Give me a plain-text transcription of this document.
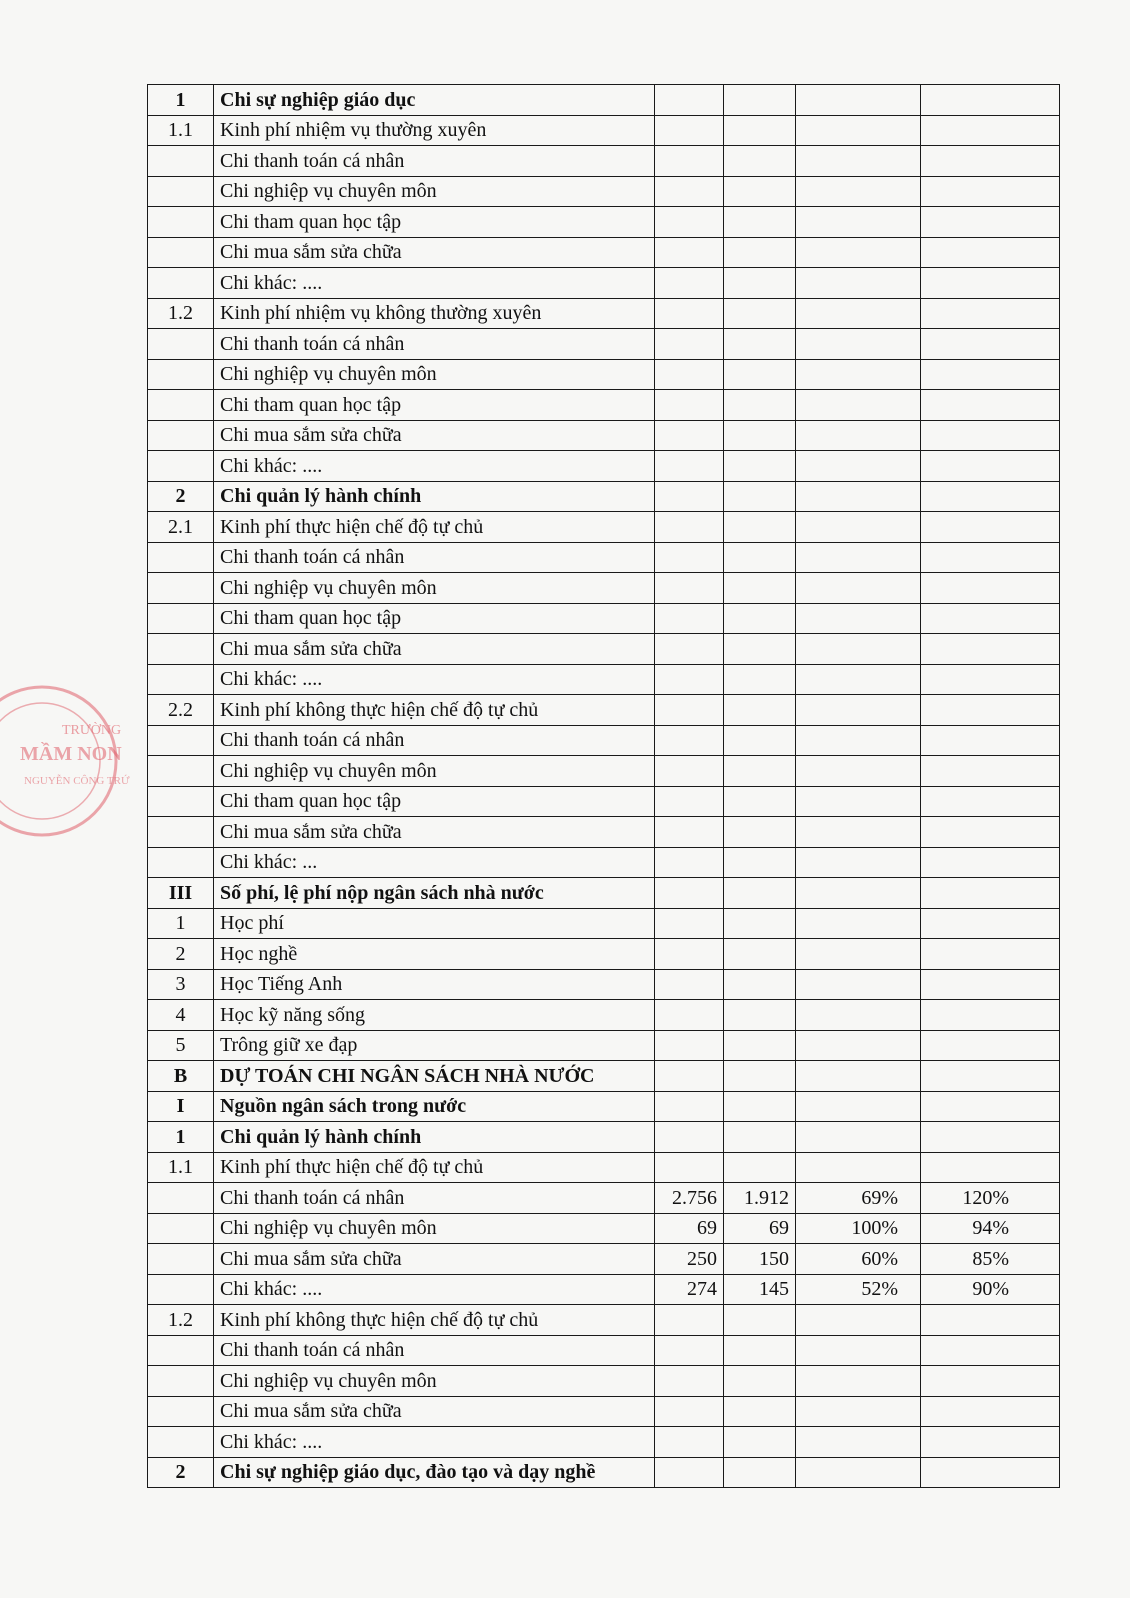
TRƯỜNG
MẦM NON
NGUYỄN CÔNG TRỨ
1	Chi sự nghiệp giáo dục				
1.1	Kinh phí nhiệm vụ thường xuyên				
	Chi thanh toán cá nhân				
	Chi nghiệp vụ chuyên môn				
	Chi tham quan học tập				
	Chi mua sắm sửa chữa				
	Chi khác: ....				
1.2	Kinh phí nhiệm vụ không thường xuyên				
	Chi thanh toán cá nhân				
	Chi nghiệp vụ chuyên môn				
	Chi tham quan học tập				
	Chi mua sắm sửa chữa				
	Chi khác: ....				
2	Chi quản lý hành chính				
2.1	Kinh phí thực hiện chế độ tự chủ				
	Chi thanh toán cá nhân				
	Chi nghiệp vụ chuyên môn				
	Chi tham quan học tập				
	Chi mua sắm sửa chữa				
	Chi khác: ....				
2.2	Kinh phí không thực hiện chế độ tự chủ				
	Chi thanh toán cá nhân				
	Chi nghiệp vụ chuyên môn				
	Chi tham quan học tập				
	Chi mua sắm sửa chữa				
	Chi khác: ...				
III	Số phí, lệ phí nộp ngân sách nhà nước				
1	Học phí				
2	Học nghề				
3	Học Tiếng Anh				
4	Học kỹ năng sống				
5	Trông giữ xe đạp				
B	DỰ TOÁN CHI NGÂN SÁCH NHÀ NƯỚC				
I	Nguồn ngân sách trong nước				
1	Chi quản lý hành chính				
1.1	Kinh phí thực hiện chế độ tự chủ				
	Chi thanh toán cá nhân	2.756	1.912	69%	120%
	Chi nghiệp vụ chuyên môn	69	69	100%	94%
	Chi mua sắm sửa chữa	250	150	60%	85%
	Chi khác: ....	274	145	52%	90%
1.2	Kinh phí không thực hiện chế độ tự chủ				
	Chi thanh toán cá nhân				
	Chi nghiệp vụ chuyên môn				
	Chi mua sắm sửa chữa				
	Chi khác: ....				
2	Chi sự nghiệp giáo dục, đào tạo và dạy nghề				
